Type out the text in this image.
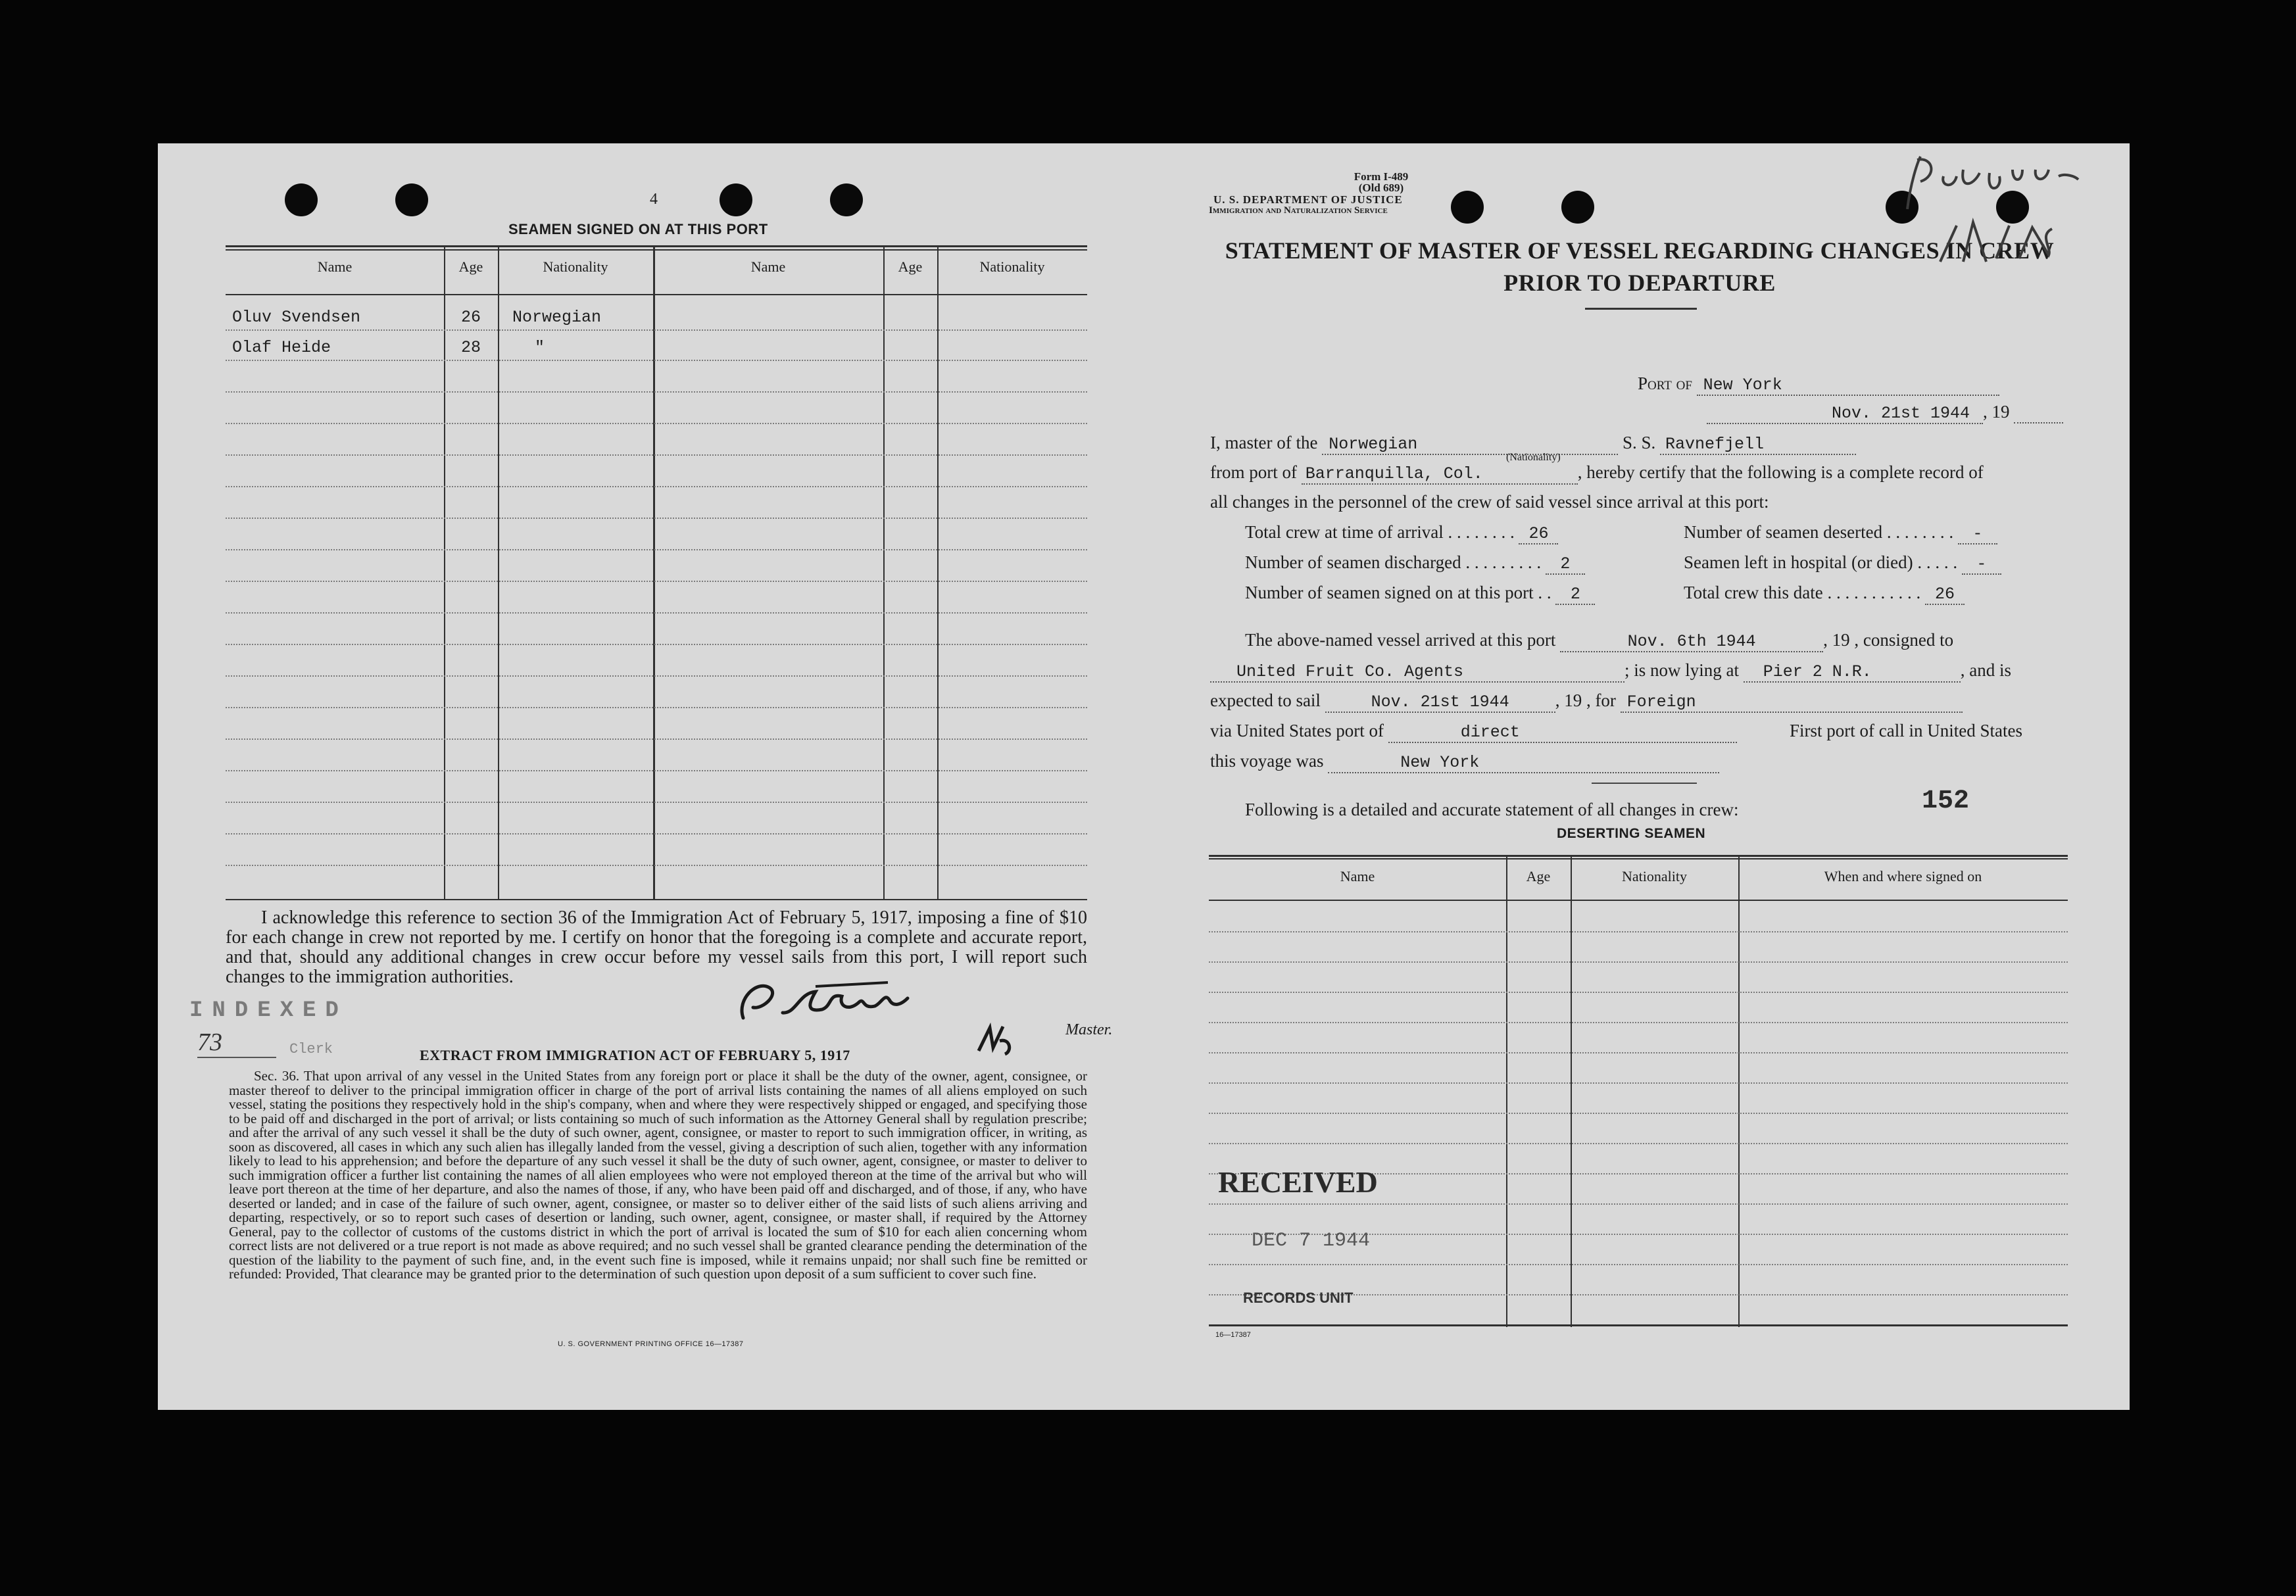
4
SEAMEN SIGNED ON AT THIS PORT
Name	Age	Nationality	Name	Age	Nationality
Oluv Svendsen	26	Norwegian
Olaf Heide	28	"
I acknowledge this reference to section 36 of the Immigration Act of February 5, 1917, imposing a fine of $10 for each change in crew not reported by me. I certify on honor that the foregoing is a complete and accurate report, and that, should any additional changes in crew occur before my vessel sails from this port, I will report such changes to the immigration authorities.
Master.
INDEXED
73	Clerk	EXTRACT FROM IMMIGRATION ACT OF FEBRUARY 5, 1917
Sec. 36. That upon arrival of any vessel in the United States from any foreign port or place it shall be the duty of the owner, agent, consignee, or master thereof to deliver to the principal immigration officer in charge of the port of arrival lists containing the names of all aliens employed on such vessel, stating the positions they respectively hold in the ship's company, when and where they were respectively shipped or engaged, and specifying those to be paid off and discharged in the port of arrival; or lists containing so much of such information as the Attorney General shall by regulation prescribe; and after the arrival of any such vessel it shall be the duty of such owner, agent, consignee, or master to report to such immigration officer, in writing, as soon as discovered, all cases in which any such alien has illegally landed from the vessel, giving a description of such alien, together with any information likely to lead to his apprehension; and before the departure of any such vessel it shall be the duty of such owner, agent, consignee, or master to deliver to such immigration officer a further list containing the names of all alien employees who were not employed thereon at the time of the arrival but who will leave port thereon at the time of her departure, and also the names of those, if any, who have been paid off and discharged, and of those, if any, who have deserted or landed; and in case of the failure of such owner, agent, consignee, or master so to deliver either of the said lists of such aliens arriving and departing, respectively, or so to report such cases of desertion or landing, such owner, agent, consignee, or master shall, if required by the Attorney General, pay to the collector of customs of the customs district in which the port of arrival is located the sum of $10 for each alien concerning whom correct lists are not delivered or a true report is not made as above required; and no such vessel shall be granted clearance pending the determination of the question of the liability to the payment of such fine, and, in the event such fine is imposed, while it remains unpaid; nor shall such fine be remitted or refunded: Provided, That clearance may be granted prior to the determination of such question upon deposit of a sum sufficient to cover such fine.
U. S. GOVERNMENT PRINTING OFFICE 16—17387
Form I-489
(Old 689)
U. S. DEPARTMENT OF JUSTICE
Immigration and Naturalization Service
STATEMENT OF MASTER OF VESSEL REGARDING CHANGES IN CREW
PRIOR TO DEPARTURE
Port of New York
Nov. 21st 1944 , 19
I, master of the Norwegian	S. S. Ravnefjell
(Nationality)
from port of Barranquilla, Col.	, hereby certify that the following is a complete record of
all changes in the personnel of the crew of said vessel since arrival at this port:
Total crew at time of arrival . . . . . . . . 26
Number of seamen discharged . . . . . . . . . 2
Number of seamen signed on at this port . . 2
Number of seamen deserted . . . . . . . . -
Seamen left in hospital (or died) . . . . . -
Total crew this date . . . . . . . . . . . 26
The above-named vessel arrived at this port	Nov. 6th 1944	, 19 , consigned to
United Fruit Co. Agents	; is now lying at Pier 2 N.R.	, and is
expected to sail	Nov. 21st 1944	, 19 , for Foreign
via United States port of	direct	First port of call in United States
this voyage was	New York
Following is a detailed and accurate statement of all changes in crew:	152
DESERTING SEAMEN
Name	Age	Nationality	When and where signed on
RECEIVED
DEC 7 1944
RECORDS UNIT
16—17387
